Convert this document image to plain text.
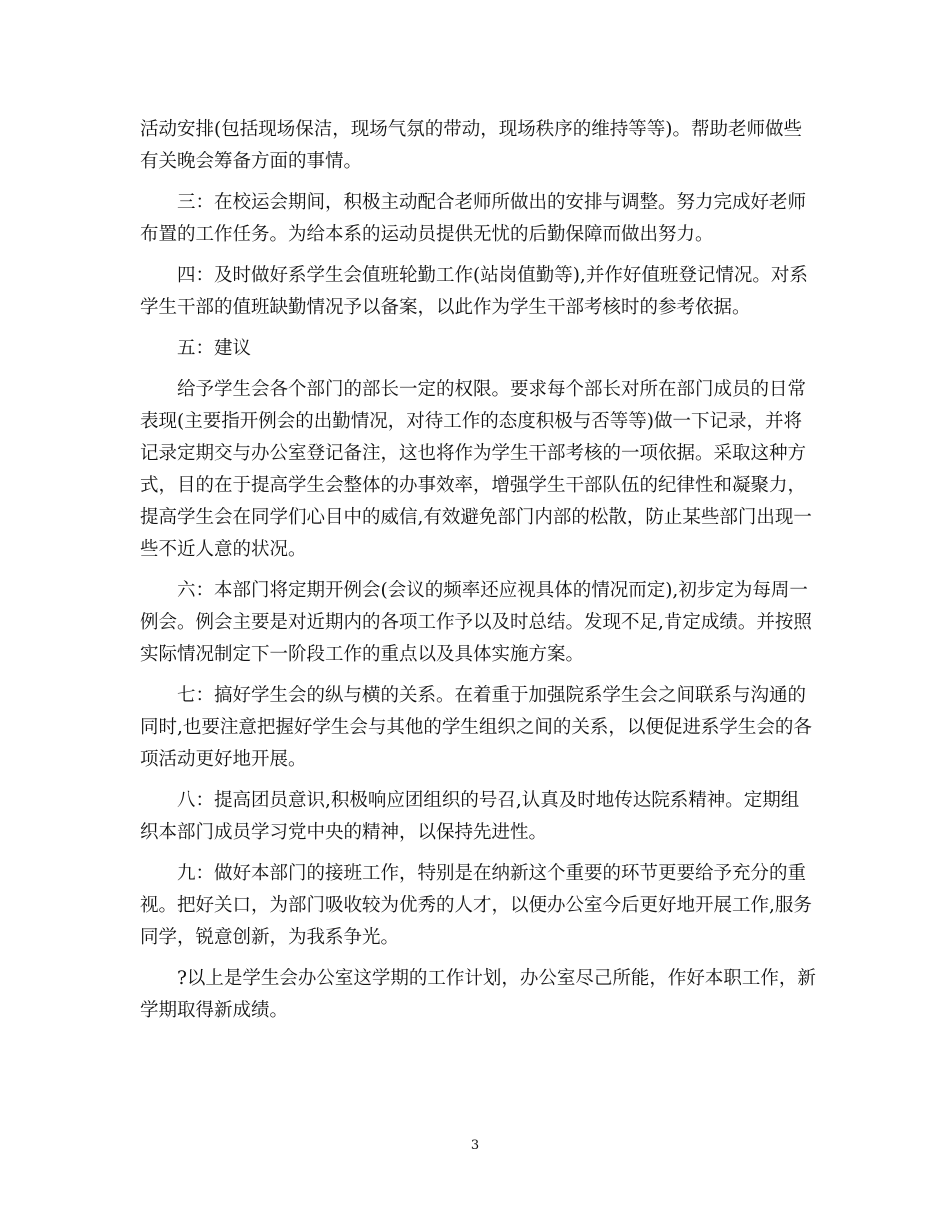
活动安排(包括现场保洁，现场气氛的带动，现场秩序的维持等等)。帮助老师做些有关晚会筹备方面的事情。

三：在校运会期间，积极主动配合老师所做出的安排与调整。努力完成好老师布置的工作任务。为给本系的运动员提供无忧的后勤保障而做出努力。

四：及时做好系学生会值班轮勤工作(站岗值勤等),并作好值班登记情况。对系学生干部的值班缺勤情况予以备案，以此作为学生干部考核时的参考依据。

五：建议

给予学生会各个部门的部长一定的权限。要求每个部长对所在部门成员的日常表现(主要指开例会的出勤情况，对待工作的态度积极与否等等)做一下记录，并将记录定期交与办公室登记备注，这也将作为学生干部考核的一项依据。采取这种方式，目的在于提高学生会整体的办事效率，增强学生干部队伍的纪律性和凝聚力，提高学生会在同学们心目中的威信,有效避免部门内部的松散，防止某些部门出现一些不近人意的状况。

六：本部门将定期开例会(会议的频率还应视具体的情况而定),初步定为每周一例会。例会主要是对近期内的各项工作予以及时总结。发现不足,肯定成绩。并按照实际情况制定下一阶段工作的重点以及具体实施方案。

七：搞好学生会的纵与横的关系。在着重于加强院系学生会之间联系与沟通的同时,也要注意把握好学生会与其他的学生组织之间的关系，以便促进系学生会的各项活动更好地开展。

八：提高团员意识,积极响应团组织的号召,认真及时地传达院系精神。定期组织本部门成员学习党中央的精神，以保持先进性。

九：做好本部门的接班工作，特别是在纳新这个重要的环节更要给予充分的重视。把好关口，为部门吸收较为优秀的人才，以便办公室今后更好地开展工作,服务同学，锐意创新，为我系争光。

?以上是学生会办公室这学期的工作计划，办公室尽己所能，作好本职工作，新学期取得新成绩。

3
